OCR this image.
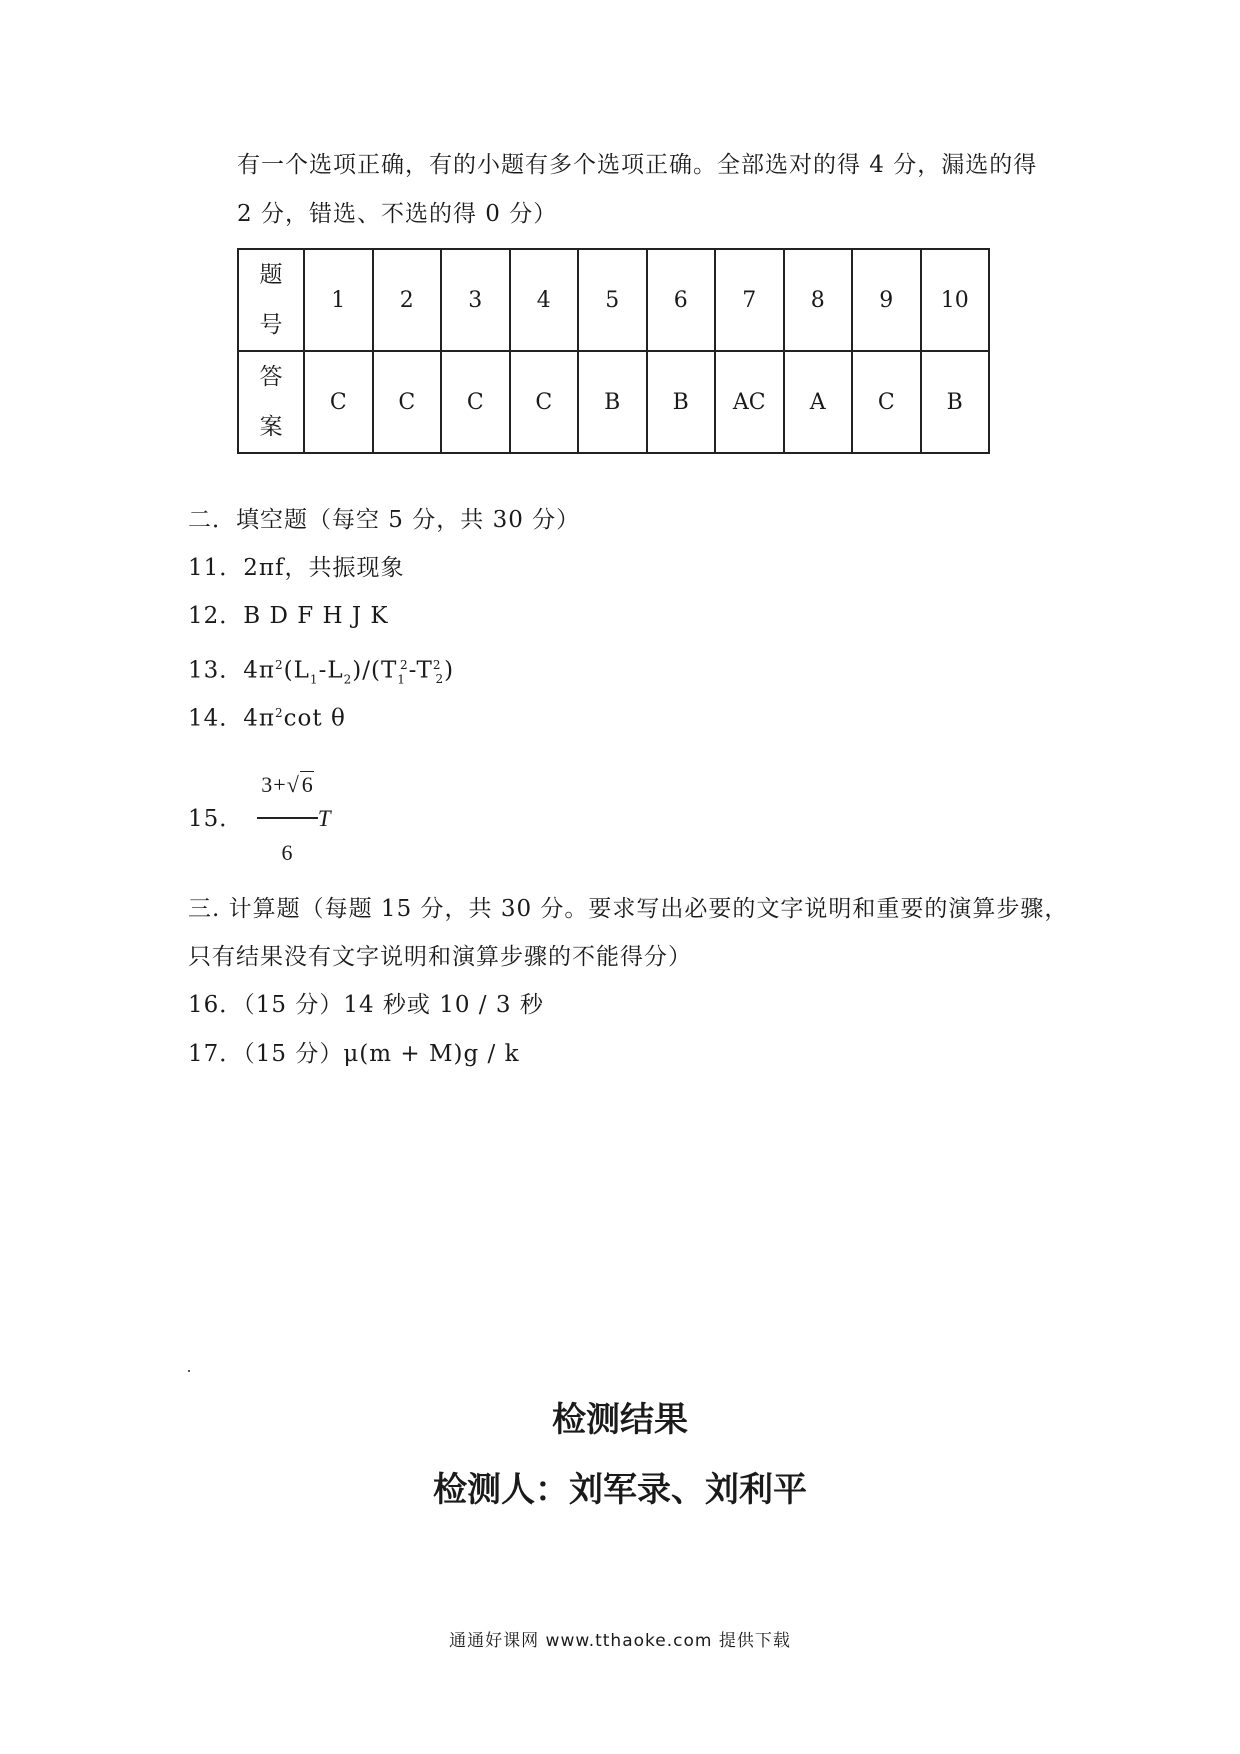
有一个选项正确，有的小题有多个选项正确。全部选对的得 4 分，漏选的得
2 分，错选、不选的得 0 分）
题
号	1	2	3	4	5	6	7	8	9	10
答
案	C	C	C	C	B	B	AC	A	C	B
二．填空题（每空 5 分，共 30 分）
11．2πf，共振现象
12．B D F H J K
13．$4\pi^2(L_1-L_2)/(T_1^2-T^2_2)$
14．$4\pi^2\cot$ θ
15． $\frac{3+√6}{6}$ T
三. 计算题（每题 15 分，共 30 分。要求写出必要的文字说明和重要的演算步骤，
只有结果没有文字说明和演算步骤的不能得分）
16．（15 分）14 秒或 10 / 3 秒
17．（15 分）μ(m + M)g / k
检测结果
检测人：刘军录、刘利平
通通好课网 www.tthaoke.com 提供下载
